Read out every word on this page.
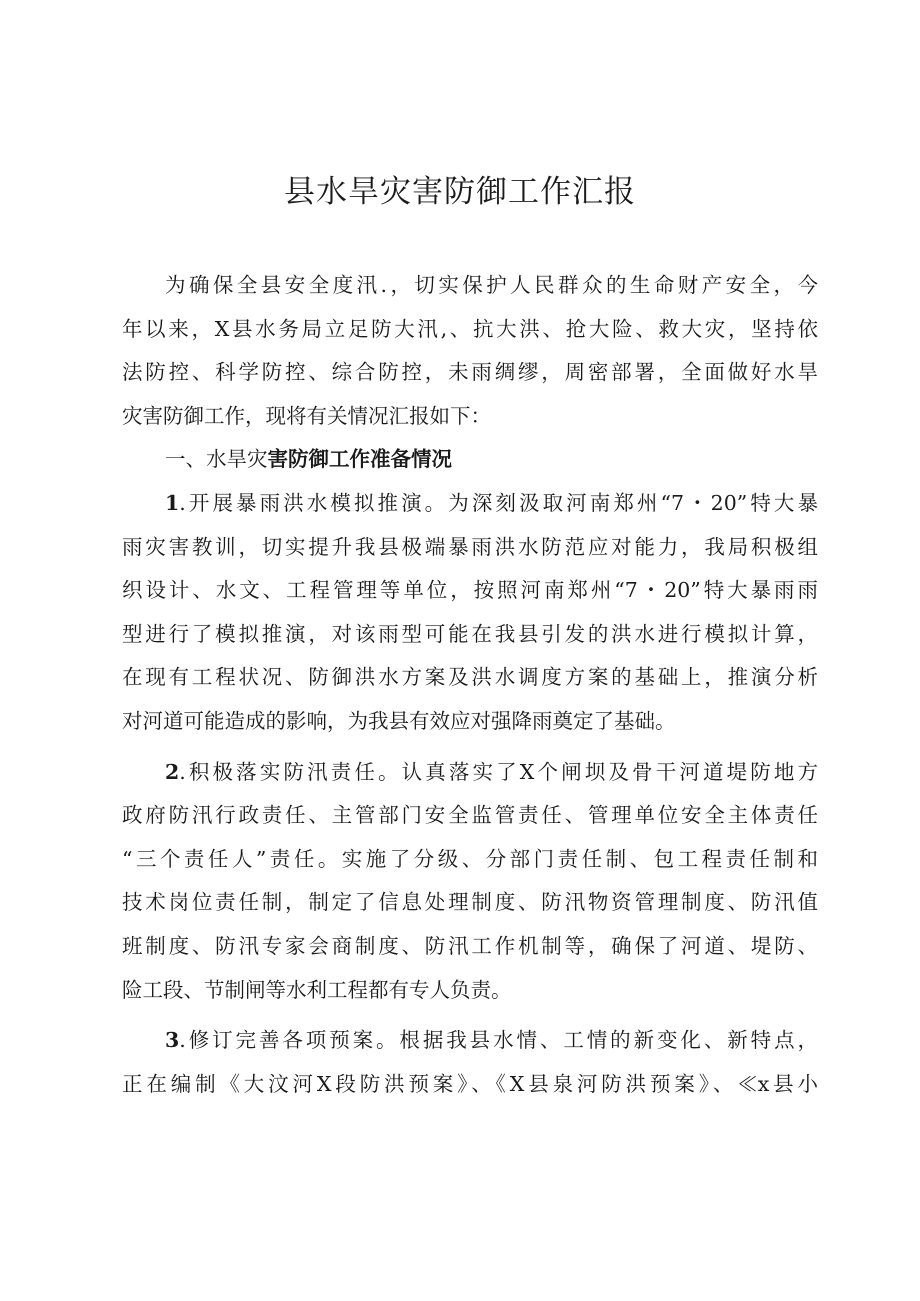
县水旱灾害防御工作汇报
为确保全县安全度汛.，切实保护人民群众的生命财产安全，今
年以来，X县水务局立足防大汛,、抗大洪、抢大险、救大灾，坚持依
法防控、科学防控、综合防控，未雨绸缪，周密部署，全面做好水旱
灾害防御工作，现将有关情况汇报如下：
一、水旱灾害防御工作准备情况
1.开展暴雨洪水模拟推演。为深刻汲取河南郑州“7・20”特大暴
雨灾害教训，切实提升我县极端暴雨洪水防范应对能力，我局积极组
织设计、水文、工程管理等单位，按照河南郑州“7・20”特大暴雨雨
型进行了模拟推演，对该雨型可能在我县引发的洪水进行模拟计算，
在现有工程状况、防御洪水方案及洪水调度方案的基础上，推演分析
对河道可能造成的影响，为我县有效应对强降雨奠定了基础。
2.积极落实防汛责任。认真落实了X个闸坝及骨干河道堤防地方
政府防汛行政责任、主管部门安全监管责任、管理单位安全主体责任
“三个责任人”责任。实施了分级、分部门责任制、包工程责任制和
技术岗位责任制，制定了信息处理制度、防汛物资管理制度、防汛值
班制度、防汛专家会商制度、防汛工作机制等，确保了河道、堤防、
险工段、节制闸等水利工程都有专人负责。
3.修订完善各项预案。根据我县水情、工情的新变化、新特点，
正在编制《大汶河X段防洪预案》、《X县泉河防洪预案》、≪x县小
